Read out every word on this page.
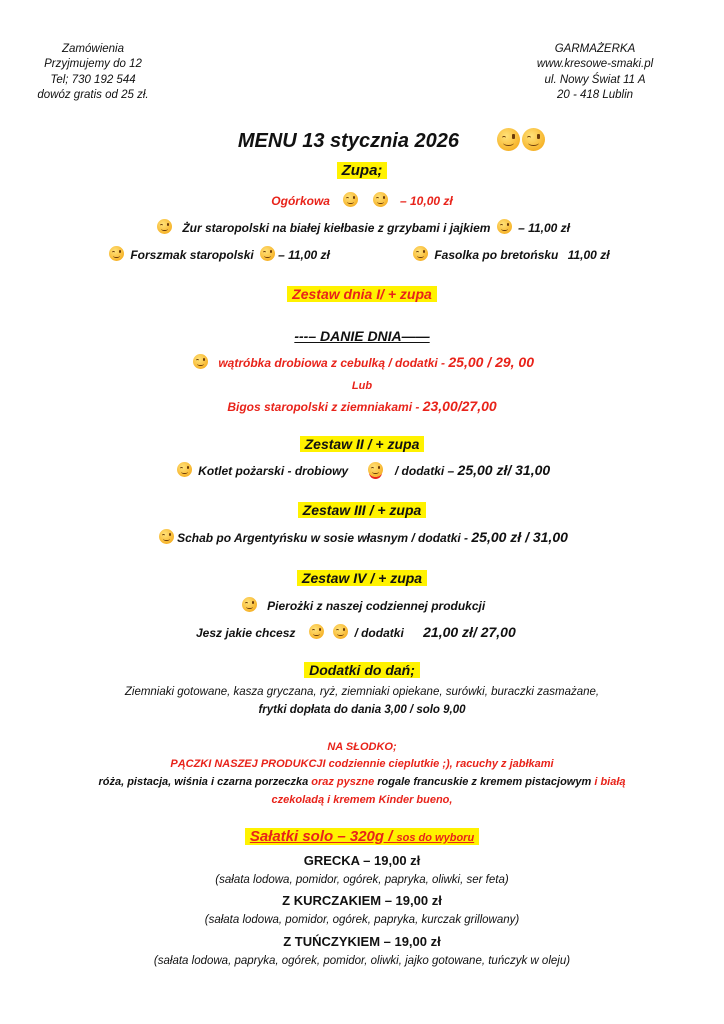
Zamówienia
Przyjmujemy do 12
Tel; 730 192 544
dowóz gratis od 25 zł.
GARMAŻERKA
www.kresowe-smaki.pl
ul. Nowy Świat 11 A
20 - 418 Lublin
MENU 13 stycznia 2026
Zupa;
Ogórkowa
	– 10,00 zł
Żur staropolski na białej kiełbasie z grzybami i jajkiem – 11,00 zł
Forszmak staropolski – 11,00 zł	Fasolka po bretońsku 11,00 zł
Zestaw dnia I/ + zupa
---– DANIE DNIA——
wątróbka drobiowa z cebulką / dodatki - 25,00 / 29, 00
Lub
Bigos staropolski z ziemniakami - 23,00/27,00
Zestaw II / + zupa
Kotlet pożarski - drobiowy	/ dodatki – 25,00 zł/ 31,00
Zestaw III / + zupa
Schab po Argentyńsku w sosie własnym / dodatki - 25,00 zł / 31,00
Zestaw IV / + zupa
Pierożki z naszej codziennej produkcji
Jesz jakie chcesz
	/ dodatki 21,00 zł/ 27,00
Dodatki do dań;
Ziemniaki gotowane, kasza gryczana, ryż, ziemniaki opiekane, surówki, buraczki zasmażane,
frytki dopłata do dania 3,00 / solo 9,00
NA SŁODKO;
PĄCZKI NASZEJ PRODUKCJI codziennie cieplutkie ;), racuchy z jabłkami
róża, pistacja, wiśnia i czarna porzeczka oraz pyszne rogale francuskie z kremem pistacjowym i białą
czekoladą i kremem Kinder bueno,
Sałatki solo – 320g / sos do wyboru
GRECKA – 19,00 zł
(sałata lodowa, pomidor, ogórek, papryka, oliwki, ser feta)
Z KURCZAKIEM – 19,00 zł
(sałata lodowa, pomidor, ogórek, papryka, kurczak grillowany)
Z TUŃCZYKIEM – 19,00 zł
(sałata lodowa, papryka, ogórek, pomidor, oliwki, jajko gotowane, tuńczyk w oleju)
